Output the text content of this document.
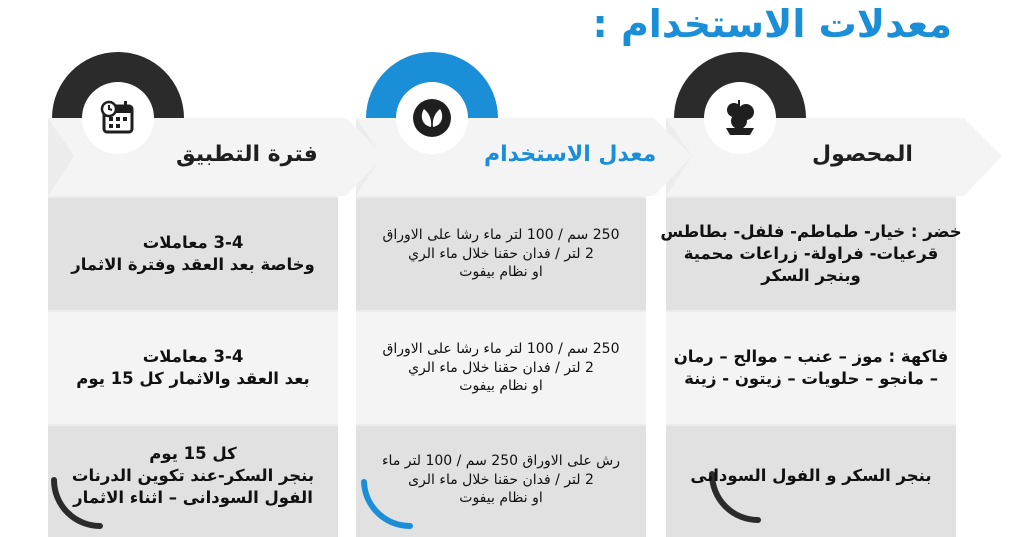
معدلات الاستخدام :
المحصول
خضر : خيار- طماطم- فلفل- بطاطس
قرعيات- فراولة- زراعات محمية
وبنجر السكر
فاكهة : موز – عنب – موالح – رمان
– مانجو – حلويات – زيتون - زينة
بنجر السكر و الفول السودانى
معدل الاستخدام
250 سم / 100 لتر ماء رشا على الاوراق
2 لتر / فدان حقنا خلال ماء الري
او نظام بيفوت
250 سم / 100 لتر ماء رشا على الاوراق
2 لتر / فدان حقنا خلال ماء الري
او نظام بيفوت
رش على الاوراق 250 سم / 100 لتر ماء
2 لتر / فدان حقنا خلال ماء الرى
او نظام بيفوت
فترة التطبيق
3-4 معاملات
وخاصة بعد العقد وفترة الاثمار
3-4 معاملات
بعد العقد والاثمار كل 15 يوم
كل 15 يوم
بنجر السكر-عند تكوين الدرنات
الفول السودانى – اثناء الاثمار
